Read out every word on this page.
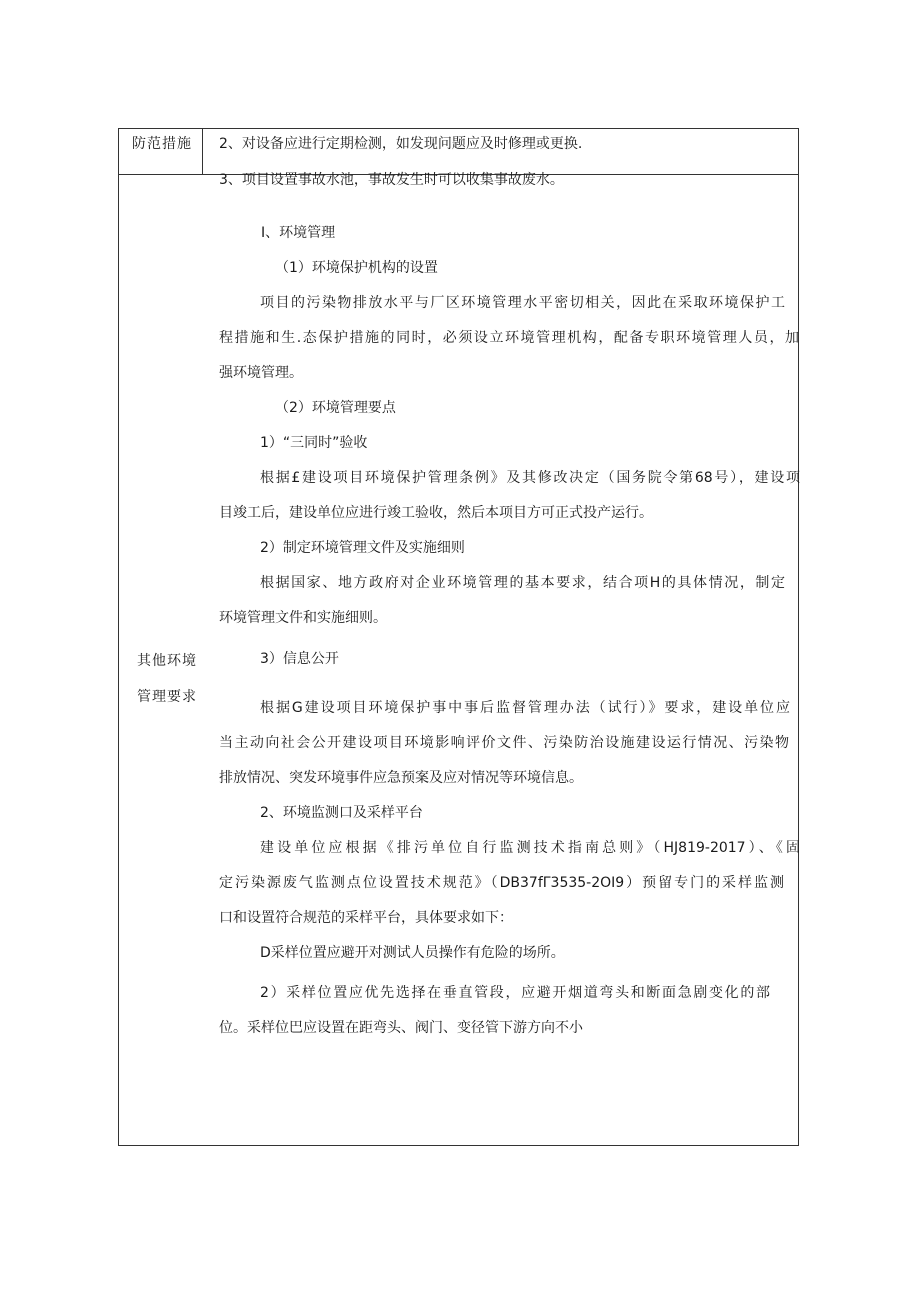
防范措施 2、对设备应进行定期检测，如发现问题应及时修理或更换.
3、项目设置事故水池，事故发生时可以收集事故废水。
其他环境
管理要求
I、环境管理
（1）环境保护机构的设置
项目的污染物排放水平与厂区环境管理水平密切相关，因此在采取环境保护工
程措施和生.态保护措施的同时，必须设立环境管理机构，配备专职环境管理人员，加
强环境管理。
（2）环境管理要点
1）“三同时”验收
根据£建设项目环境保护管理条例》及其修改决定（国务院令第68号），建设项
目竣工后，建设单位应进行竣工验收，然后本项目方可正式投产运行。
2）制定环境管理文件及实施细则
根据国家、地方政府对企业环境管理的基本要求，结合项H的具体情况，制定
环境管理文件和实施细则。
3）信息公开
根据G建设项目环境保护事中事后监督管理办法（试行）》要求，建设单位应
当主动向社会公开建设项目环境影响评价文件、污染防治设施建设运行情况、污染物
排放情况、突发环境事件应急预案及应对情况等环境信息。
2、环境监测口及采样平台
建设单位应根据《排污单位自行监测技术指南总则》（HJ819-2017）、《固
定污染源废气监测点位设置技术规范》（DB37fΓ3535-2OI9）预留专门的采样监测
口和设置符合规范的采样平台，具体要求如下：
D采样位置应避开对测试人员操作有危险的场所。
2）采样位置应优先选择在垂直管段，应避开烟道弯头和断面急剧变化的部
位。采样位巴应设置在距弯头、阀门、变径管下游方向不小
